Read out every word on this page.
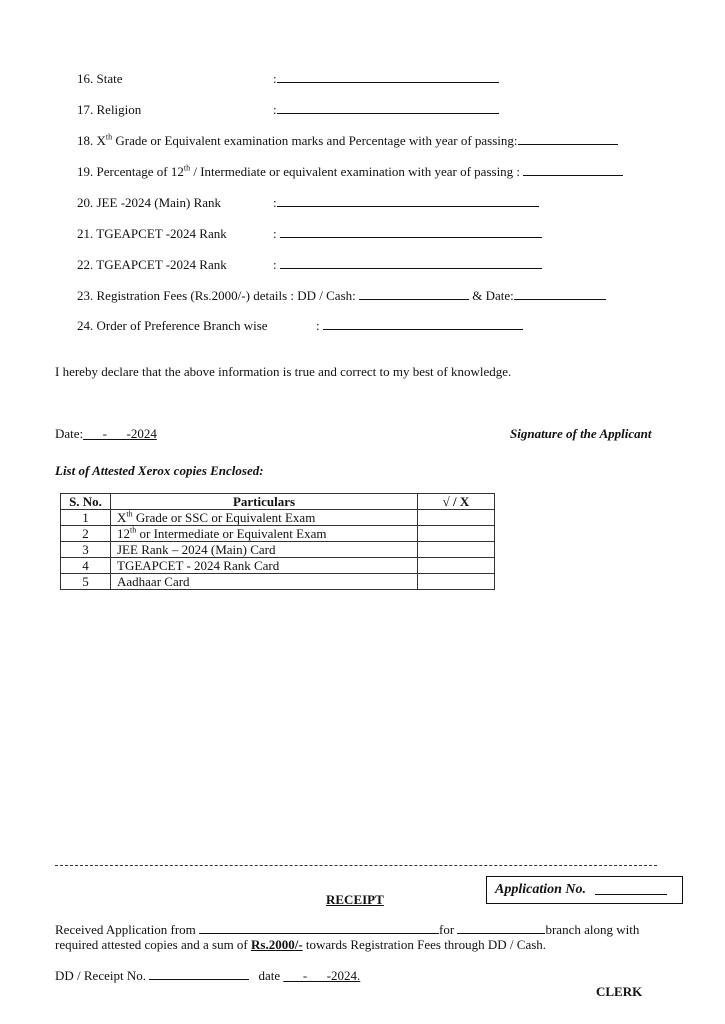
16. State	:
17. Religion	:
18. Xth Grade or Equivalent examination marks and Percentage with year of passing:
19. Percentage of 12th / Intermediate or equivalent examination with year of passing :
20. JEE -2024 (Main) Rank	:
21. TGEAPCET -2024 Rank	:
22. TGEAPCET -2024 Rank	:
23. Registration Fees (Rs.2000/-) details : DD / Cash:	& Date:
24. Order of Preference Branch wise	:
I hereby declare that the above information is true and correct to my best of knowledge.
Date:___-___-2024	Signature of the Applicant
List of Attested Xerox copies Enclosed:
S. No.	Particulars	√ / X
1	Xth Grade or SSC or Equivalent Exam	
2	12th or Intermediate or Equivalent Exam	
3	JEE Rank – 2024 (Main) Card	
4	TGEAPCET - 2024 Rank Card	
5	Aadhaar Card	
RECEIPT
Application No.
Received Application from	for	branch along with
required attested copies and a sum of Rs.2000/- towards Registration Fees through DD / Cash.
DD / Receipt No.	date ___-___-2024.
CLERK
